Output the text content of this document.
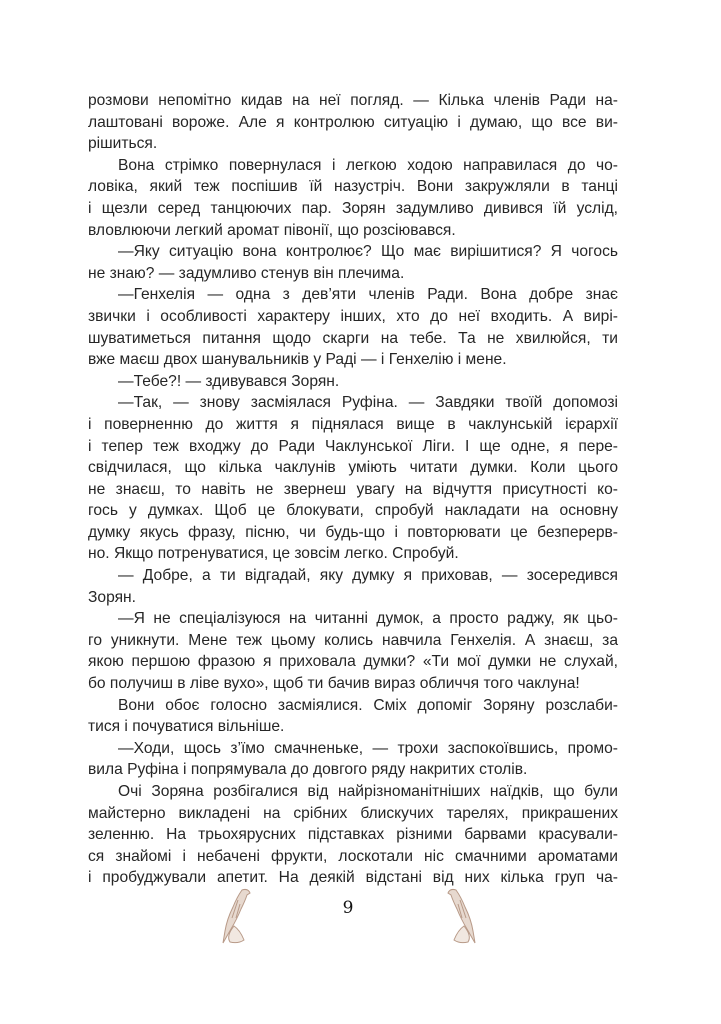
розмови непомітно кидав на неї погляд. — Кілька членів Ради на-
лаштовані вороже. Але я контролюю ситуацію і думаю, що все ви-
рішиться.
Вона стрімко повернулася і легкою ходою направилася до чо-
ловіка, який теж поспішив їй назустріч. Вони закружляли в танці
і щезли серед танцюючих пар. Зорян задумливо дивився їй услід,
вловлюючи легкий аромат півонії, що розсіювався.
—Яку ситуацію вона контролює? Що має вирішитися? Я чогось
не знаю? — задумливо стенув він плечима.
—Генхелія — одна з дев’яти членів Ради. Вона добре знає
звички і особливості характеру інших, хто до неї входить. А вирі-
шуватиметься питання щодо скарги на тебе. Та не хвилюйся, ти
вже маєш двох шанувальників у Раді — і Генхелію і мене.
—Тебе?! — здивувався Зорян.
—Так, — знову засміялася Руфіна. — Завдяки твоїй допомозі
і поверненню до життя я піднялася вище в чаклунській ієрархії
і тепер теж входжу до Ради Чаклунської Ліги. І ще одне, я пере-
свідчилася, що кілька чаклунів уміють читати думки. Коли цього
не знаєш, то навіть не звернеш увагу на відчуття присутності ко-
гось у думках. Щоб це блокувати, спробуй накладати на основну
думку якусь фразу, пісню, чи будь-що і повторювати це безперерв-
но. Якщо потренуватися, це зовсім легко. Спробуй.
— Добре, а ти відгадай, яку думку я приховав, — зосередився
Зорян.
—Я не спеціалізуюся на читанні думок, а просто раджу, як цьо-
го уникнути. Мене теж цьому колись навчила Генхелія. А знаєш, за
якою першою фразою я приховала думки? «Ти мої думки не слухай,
бо получиш в ліве вухо», щоб ти бачив вираз обличчя того чаклуна!
Вони обоє голосно засміялися. Сміх допоміг Зоряну розслаби-
тися і почуватися вільніше.
—Ходи, щось з’їмо смачненьке, — трохи заспокоївшись, промо-
вила Руфіна і попрямувала до довгого ряду накритих столів.
Очі Зоряна розбігалися від найрізноманітніших наїдків, що були
майстерно викладені на срібних блискучих тарелях, прикрашених
зеленню. На трьохярусних підставках різними барвами красували-
ся знайомі і небачені фрукти, лоскотали ніс смачними ароматами
і пробуджували апетит. На деякій відстані від них кілька груп ча-
9
